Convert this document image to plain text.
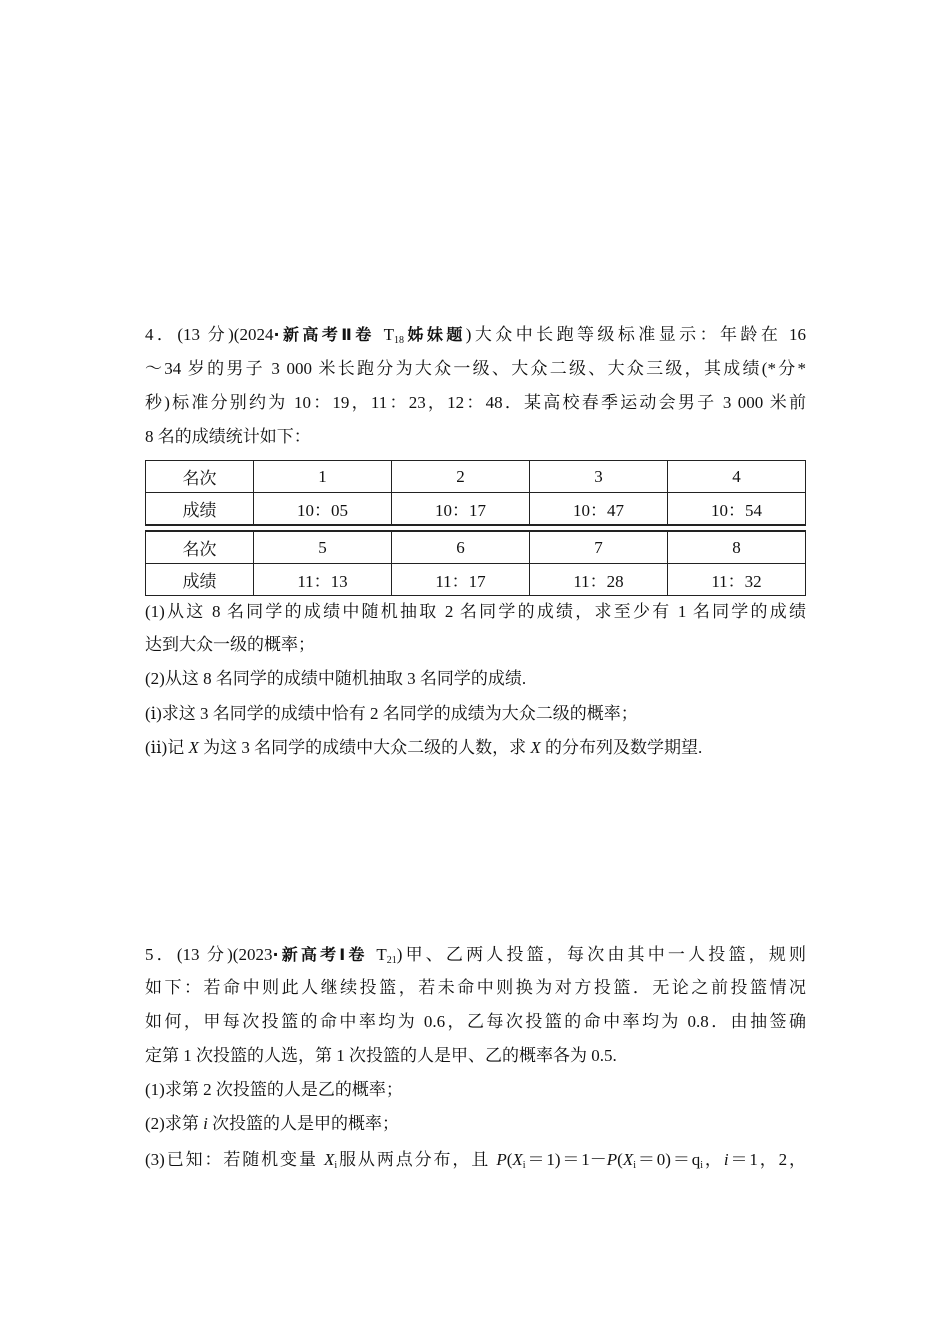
4．(13 分)(2024·新高考Ⅱ卷 $T_{18}$姊妹题)大众中长跑等级标准显示：年龄在 16
～34 岁的男子 3 000 米长跑分为大众一级、大众二级、大众三级，其成绩(*分*
秒)标准分别约为 10：19，11：23，12：48．某高校春季运动会男子 3 000 米前
8 名的成绩统计如下：
(1)从这 8 名同学的成绩中随机抽取 2 名同学的成绩，求至少有 1 名同学的成绩
达到大众一级的概率；
(2)从这 8 名同学的成绩中随机抽取 3 名同学的成绩.
(ⅰ)求这 3 名同学的成绩中恰有 2 名同学的成绩为大众二级的概率；
(ⅱ)记 X 为这 3 名同学的成绩中大众二级的人数，求 X 的分布列及数学期望.
5．(13 分)(2023·新高考Ⅰ卷 $T_{21}$)甲、乙两人投篮，每次由其中一人投篮，规则
如下：若命中则此人继续投篮，若未命中则换为对方投篮．无论之前投篮情况
如何，甲每次投篮的命中率均为 0.6，乙每次投篮的命中率均为 0.8．由抽签确
定第 1 次投篮的人选，第 1 次投篮的人是甲、乙的概率各为 0.5.
(1)求第 2 次投篮的人是乙的概率；
(2)求第 i 次投篮的人是甲的概率；
(3)已知：若随机变量 $X_i$服从两点分布，且 $P(X_i=1)=1-P(X_i=0)=q_i$，i＝1，2，
名次	1	2	3	4
成绩	10：05	10：17	10：47	10：54
名次	5	6	7	8
成绩	11：13	11：17	11：28	11：32
